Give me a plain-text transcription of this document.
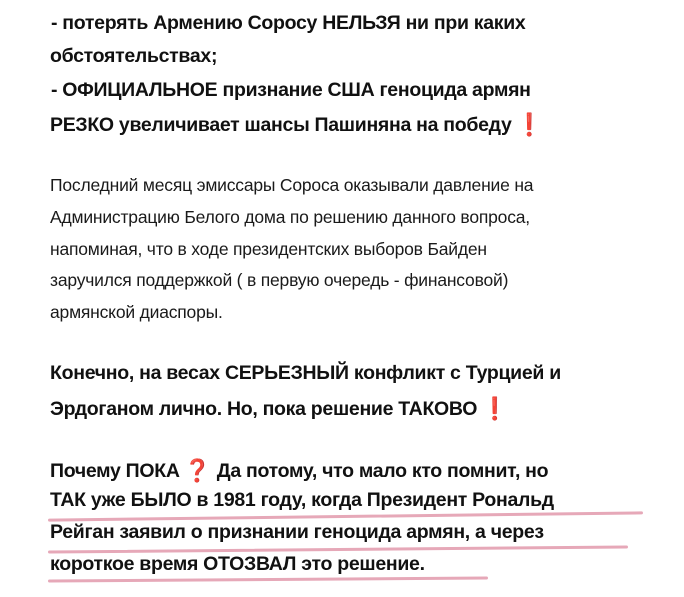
- потерять Армению Соросу НЕЛЬЗЯ ни при каких
обстоятельствах;
- ОФИЦИАЛЬНОЕ признание США геноцида армян
РЕЗКО увеличивает шансы Пашиняна на победу ❗
Последний месяц эмиссары Сороса оказывали давление на
Администрацию Белого дома по решению данного вопроса,
напоминая, что в ходе президентских выборов Байден
заручился поддержкой ( в первую очередь - финансовой)
армянской диаспоры.
Конечно, на весах СЕРЬЕЗНЫЙ конфликт с Турцией и
Эрдоганом лично. Но, пока решение ТАКОВО ❗
Почему ПОКА ❓ Да потому, что мало кто помнит, но
ТАК уже БЫЛО в 1981 году, когда Президент Рональд
Рейган заявил о признании геноцида армян, а через
короткое время ОТОЗВАЛ это решение.
